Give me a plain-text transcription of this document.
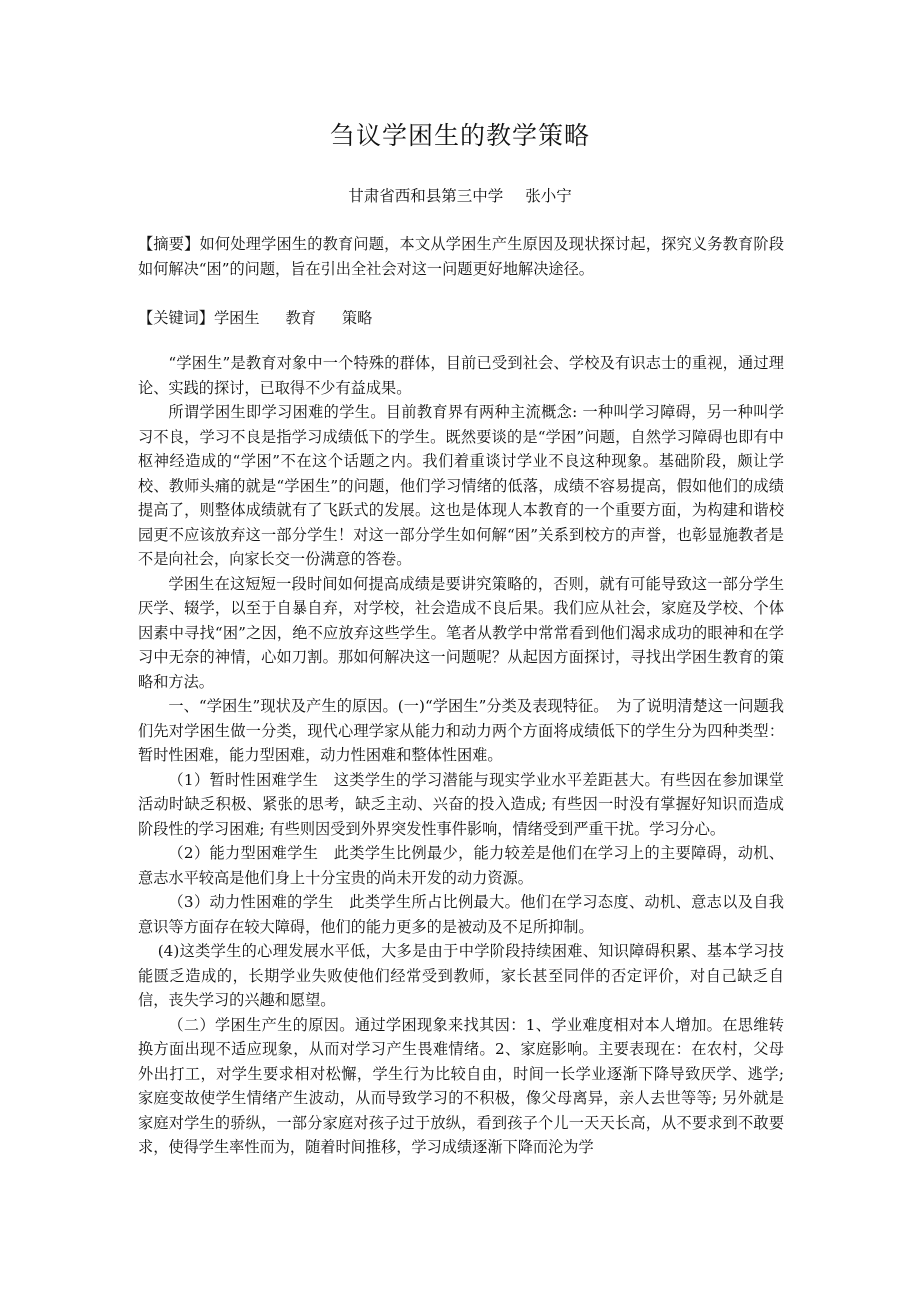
刍议学困生的教学策略
甘肃省西和县第三中学 张小宁
【摘要】如何处理学困生的教育问题，本文从学困生产生原因及现状探讨起，探究义务教育阶段如何解决“困”的问题，旨在引出全社会对这一问题更好地解决途径。
【关键词】学困生 教育 策略

“学困生”是教育对象中一个特殊的群体，目前已受到社会、学校及有识志士的重视，通过理论、实践的探讨，已取得不少有益成果。

所谓学困生即学习困难的学生。目前教育界有两种主流概念: 一种叫学习障碍，另一种叫学习不良，学习不良是指学习成绩低下的学生。既然要谈的是“学困”问题，自然学习障碍也即有中枢神经造成的“学困”不在这个话题之内。我们着重谈讨学业不良这种现象。基础阶段，颇让学校、教师头痛的就是“学困生”的问题，他们学习情绪的低落，成绩不容易提高，假如他们的成绩提高了，则整体成绩就有了飞跃式的发展。这也是体现人本教育的一个重要方面，为构建和谐校园更不应该放弃这一部分学生！对这一部分学生如何解“困”关系到校方的声誉，也彰显施教者是不是向社会，向家长交一份满意的答卷。

学困生在这短短一段时间如何提高成绩是要讲究策略的，否则，就有可能导致这一部分学生厌学、辍学，以至于自暴自弃，对学校，社会造成不良后果。我们应从社会，家庭及学校、个体因素中寻找“困”之因，绝不应放弃这些学生。笔者从教学中常常看到他们渴求成功的眼神和在学习中无奈的神情，心如刀割。那如何解决这一问题呢？从起因方面探讨，寻找出学困生教育的策略和方法。

一、“学困生”现状及产生的原因。(一)“学困生”分类及表现特征。　为了说明清楚这一问题我们先对学困生做一分类，现代心理学家从能力和动力两个方面将成绩低下的学生分为四种类型：暂时性困难，能力型困难，动力性困难和整体性困难。

（1）暂时性困难学生　这类学生的学习潜能与现实学业水平差距甚大。有些因在参加课堂活动时缺乏积极、紧张的思考，缺乏主动、兴奋的投入造成; 有些因一时没有掌握好知识而造成阶段性的学习困难; 有些则因受到外界突发性事件影响，情绪受到严重干扰。学习分心。

（2）能力型困难学生　此类学生比例最少，能力较差是他们在学习上的主要障碍，动机、意志水平较高是他们身上十分宝贵的尚未开发的动力资源。

（3）动力性困难的学生　此类学生所占比例最大。他们在学习态度、动机、意志以及自我意识等方面存在较大障碍，他们的能力更多的是被动及不足所抑制。

(4)这类学生的心理发展水平低，大多是由于中学阶段持续困难、知识障碍积累、基本学习技能匮乏造成的，长期学业失败使他们经常受到教师，家长甚至同伴的否定评价，对自己缺乏自信，丧失学习的兴趣和愿望。

（二）学困生产生的原因。通过学困现象来找其因：1、学业难度相对本人增加。在思维转换方面出现不适应现象，从而对学习产生畏难情绪。2、家庭影响。主要表现在：在农村，父母外出打工，对学生要求相对松懈，学生行为比较自由，时间一长学业逐渐下降导致厌学、逃学; 家庭变故使学生情绪产生波动，从而导致学习的不积极，像父母离异，亲人去世等等; 另外就是家庭对学生的骄纵，一部分家庭对孩子过于放纵，看到孩子个儿一天天长高，从不要求到不敢要求，使得学生率性而为，随着时间推移，学习成绩逐渐下降而沦为学
